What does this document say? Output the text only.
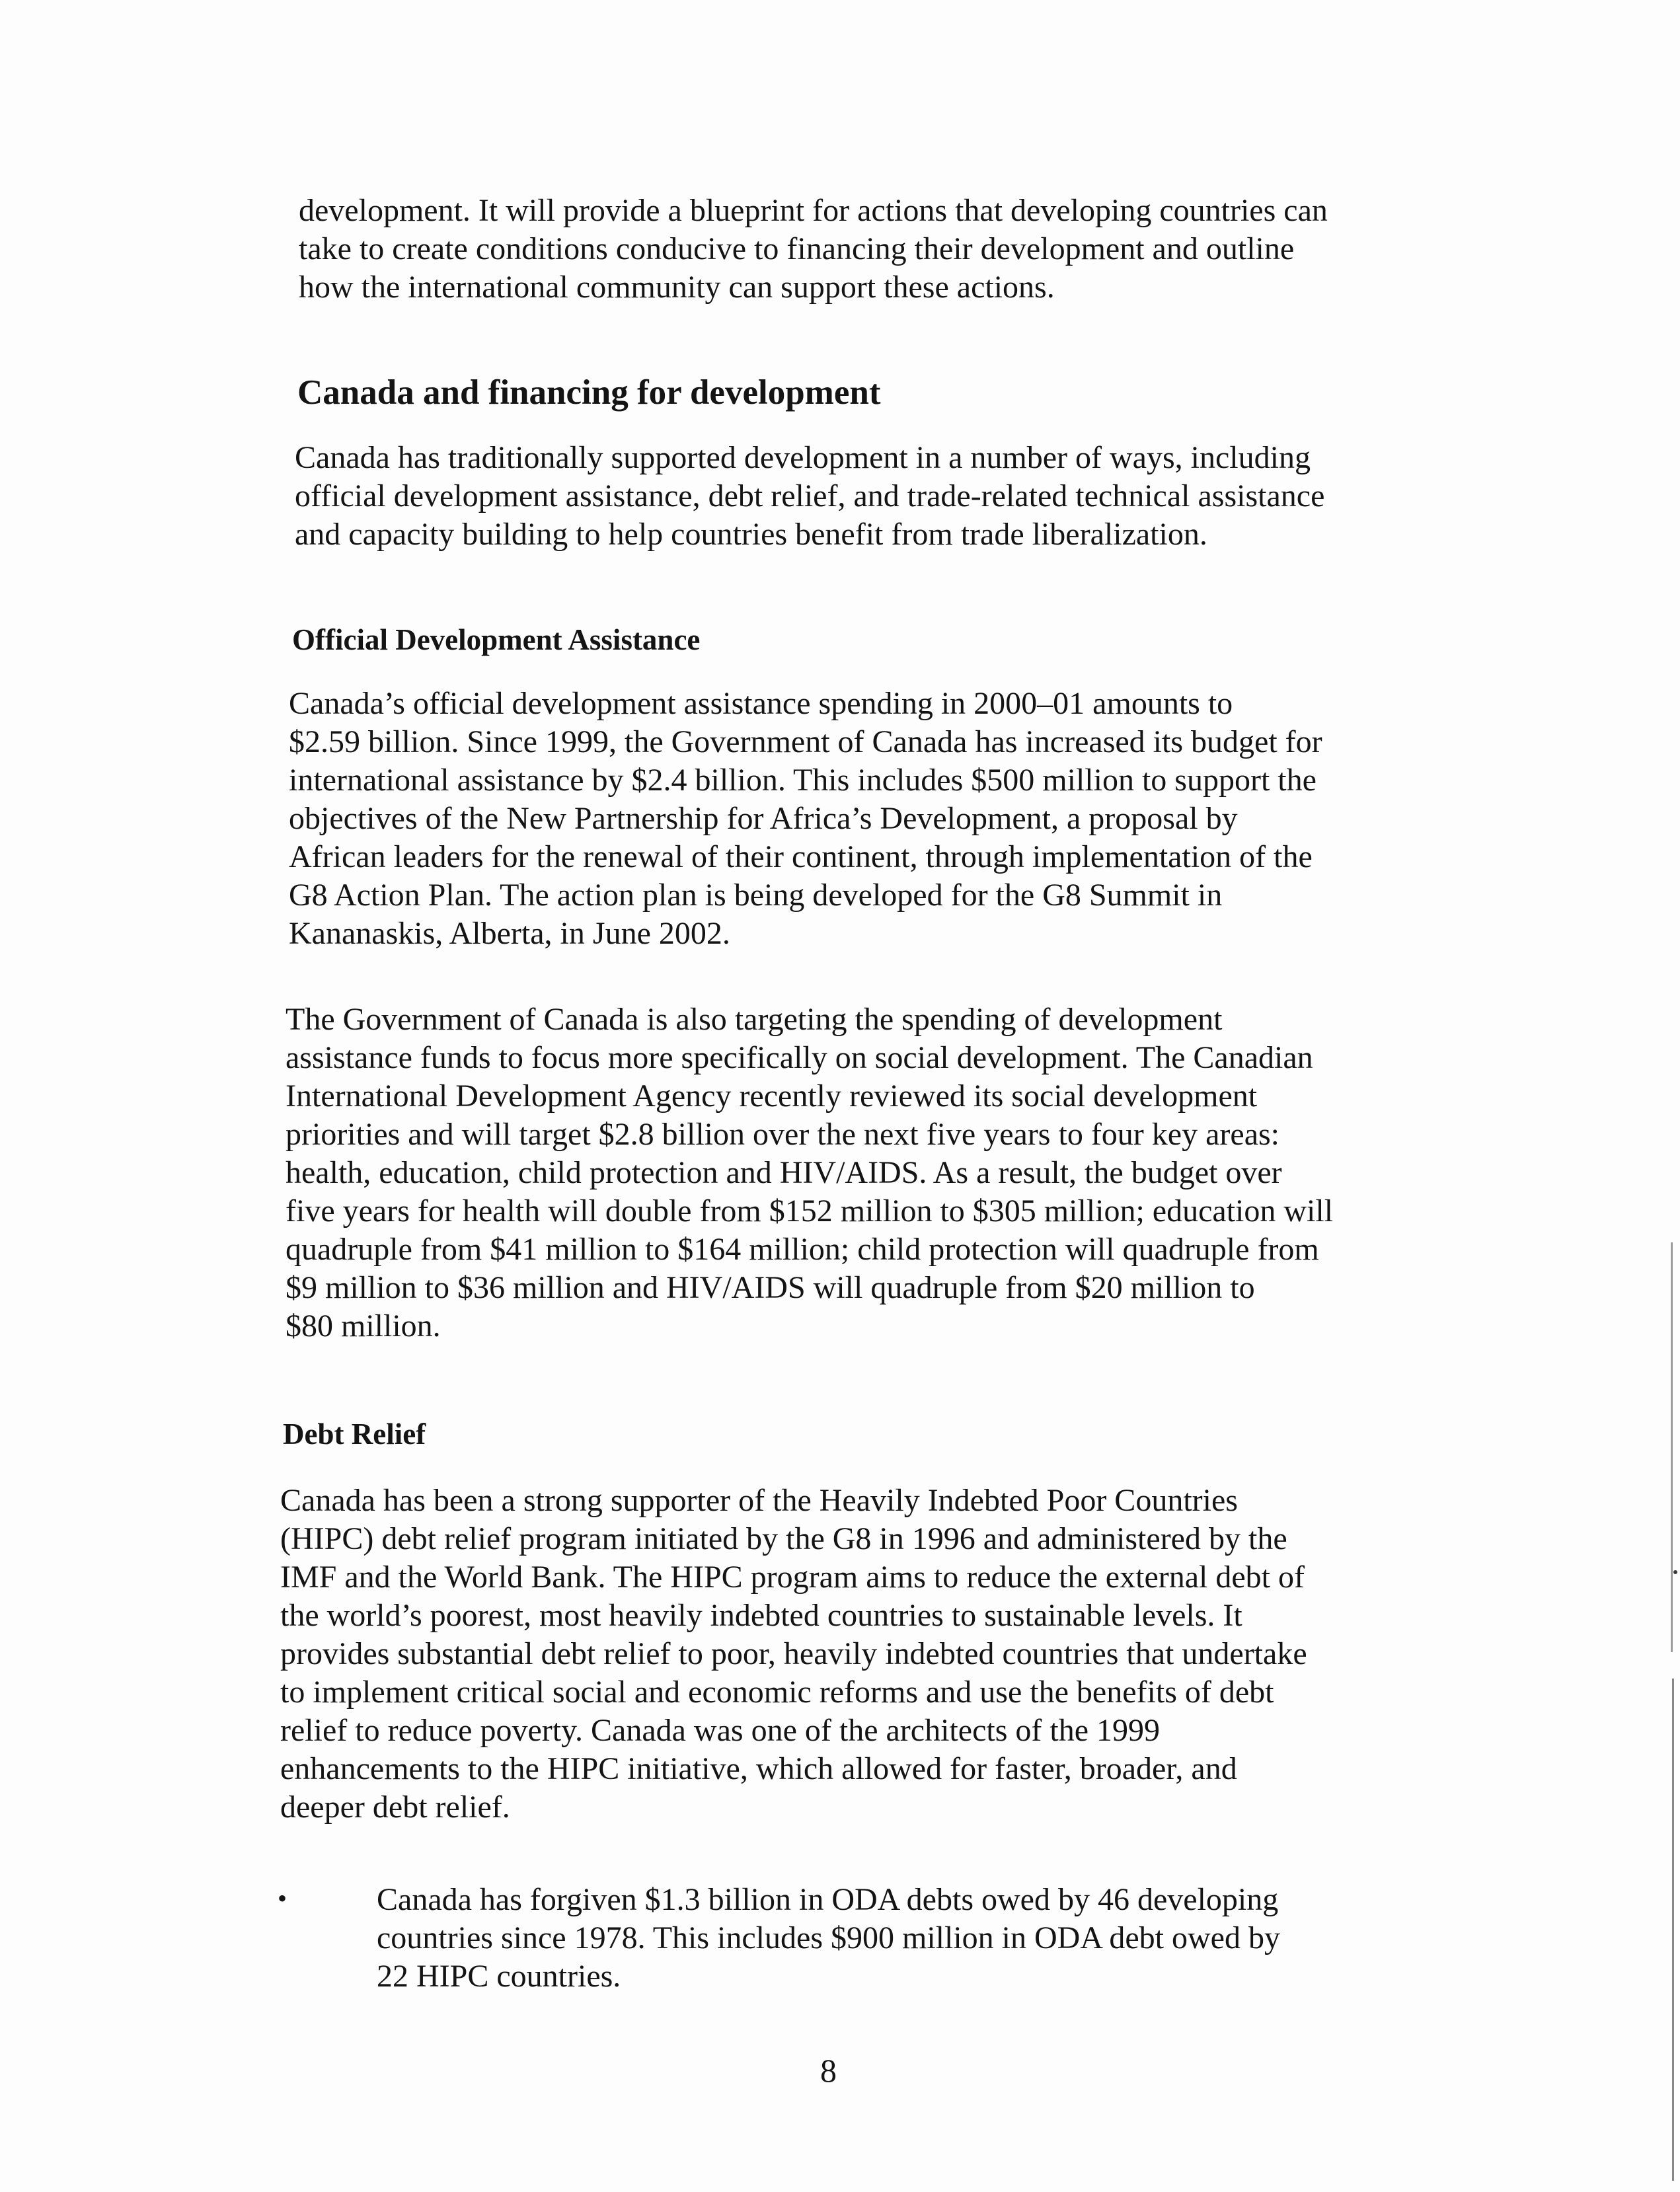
development. It will provide a blueprint for actions that developing countries can
take to create conditions conducive to financing their development and outline
how the international community can support these actions.
Canada and financing for development
Canada has traditionally supported development in a number of ways, including
official development assistance, debt relief, and trade-related technical assistance
and capacity building to help countries benefit from trade liberalization.
Official Development Assistance
Canada’s official development assistance spending in 2000–01 amounts to
$2.59 billion. Since 1999, the Government of Canada has increased its budget for
international assistance by $2.4 billion. This includes $500 million to support the
objectives of the New Partnership for Africa’s Development, a proposal by
African leaders for the renewal of their continent, through implementation of the
G8 Action Plan. The action plan is being developed for the G8 Summit in
Kananaskis, Alberta, in June 2002.
The Government of Canada is also targeting the spending of development
assistance funds to focus more specifically on social development. The Canadian
International Development Agency recently reviewed its social development
priorities and will target $2.8 billion over the next five years to four key areas:
health, education, child protection and HIV/AIDS. As a result, the budget over
five years for health will double from $152 million to $305 million; education will
quadruple from $41 million to $164 million; child protection will quadruple from
$9 million to $36 million and HIV/AIDS will quadruple from $20 million to
$80 million.
Debt Relief
Canada has been a strong supporter of the Heavily Indebted Poor Countries
(HIPC) debt relief program initiated by the G8 in 1996 and administered by the
IMF and the World Bank. The HIPC program aims to reduce the external debt of
the world’s poorest, most heavily indebted countries to sustainable levels. It
provides substantial debt relief to poor, heavily indebted countries that undertake
to implement critical social and economic reforms and use the benefits of debt
relief to reduce poverty. Canada was one of the architects of the 1999
enhancements to the HIPC initiative, which allowed for faster, broader, and
deeper debt relief.
•	Canada has forgiven $1.3 billion in ODA debts owed by 46 developing
countries since 1978. This includes $900 million in ODA debt owed by
22 HIPC countries.
8
